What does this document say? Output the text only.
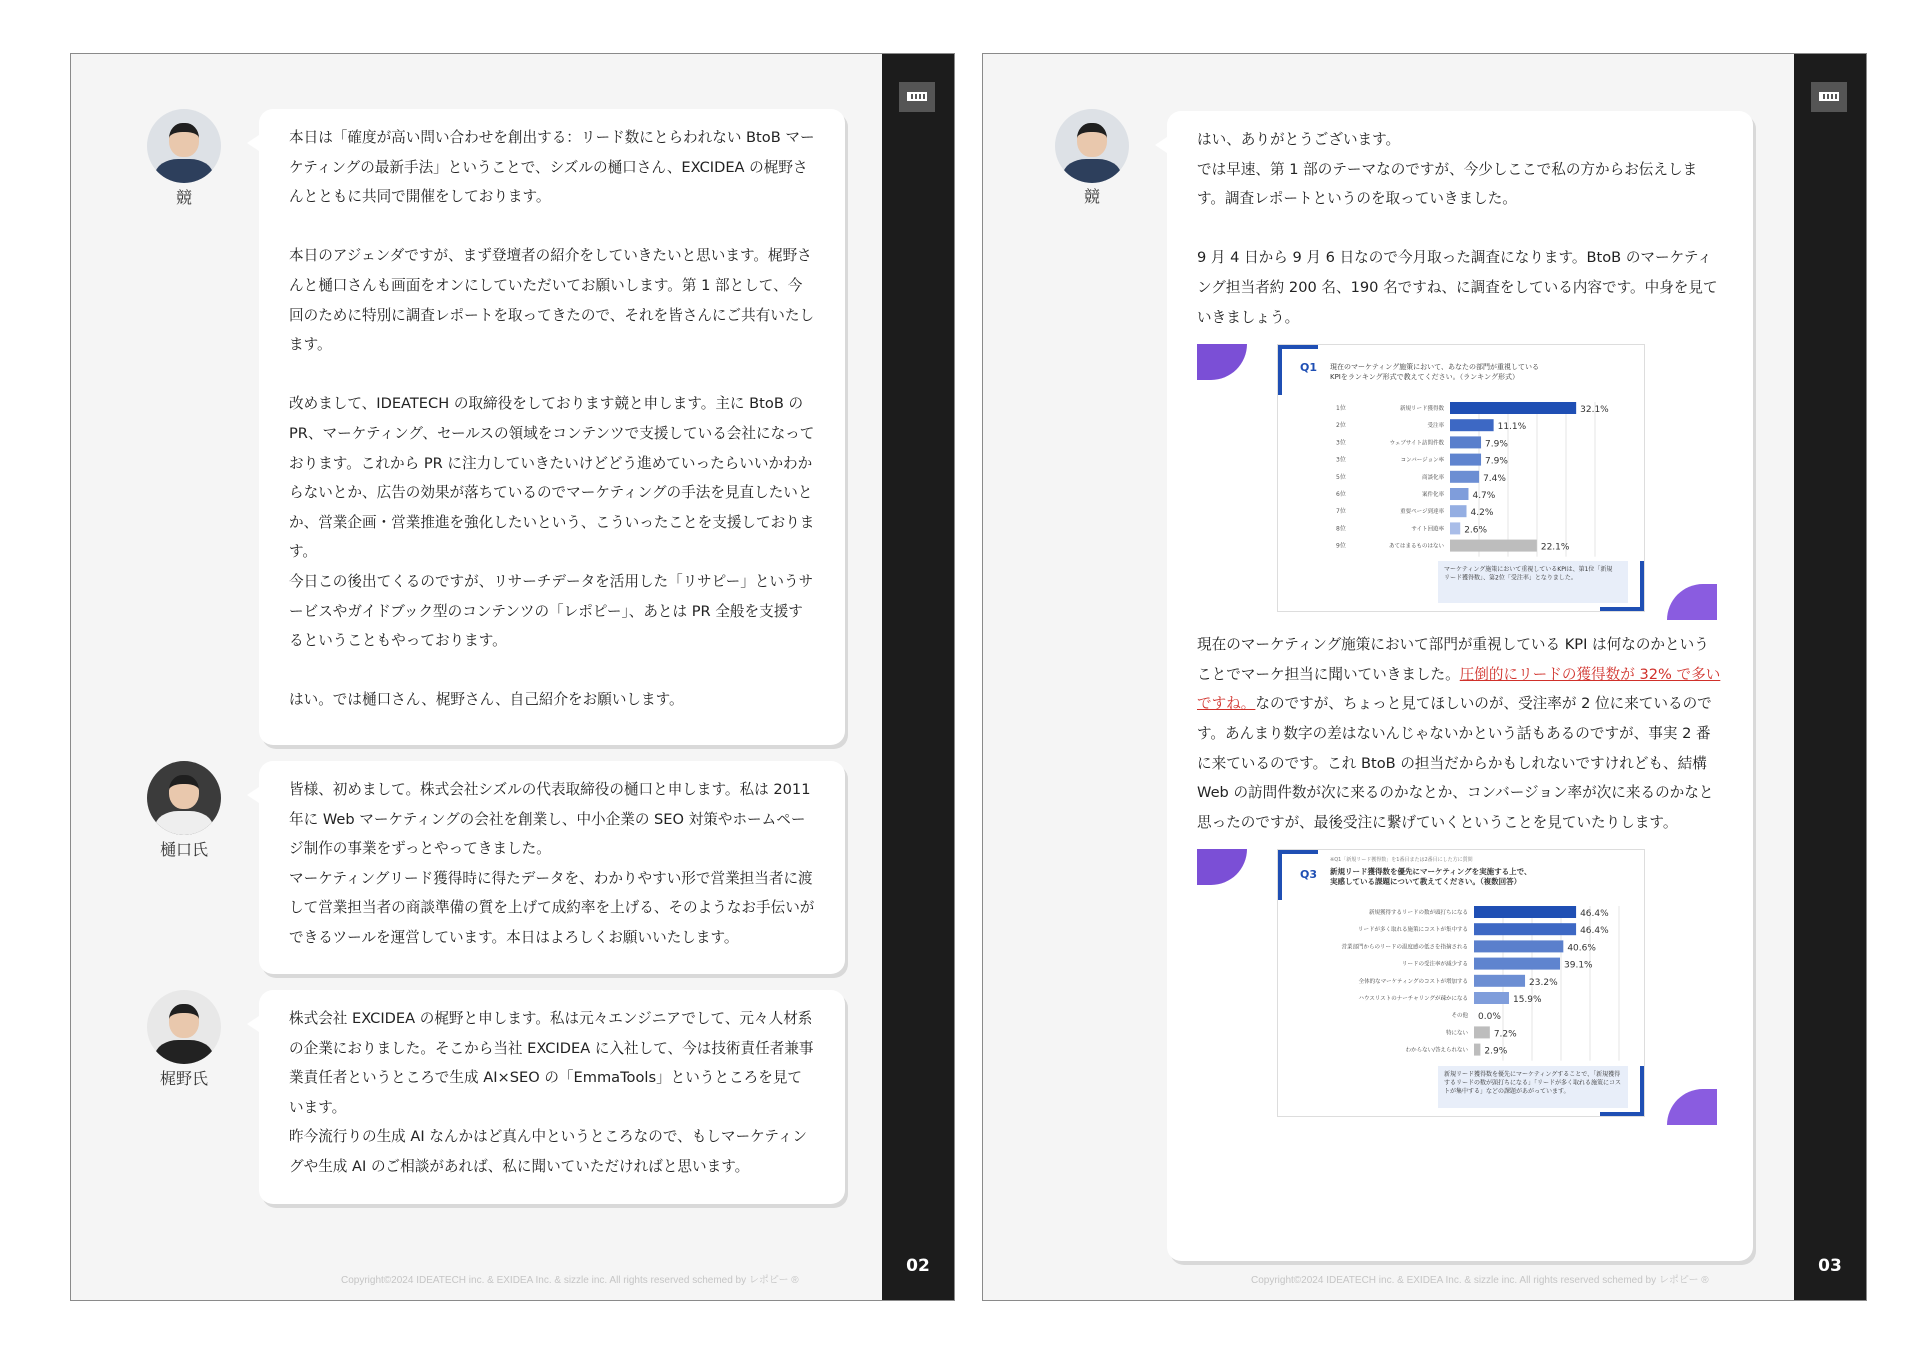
02
Copyright©2024 IDEATECH inc. & EXIDEA Inc. & sizzle inc. All rights reserved schemed by レポピー ®
競

本日は「確度が高い問い合わせを創出する：リード数にとらわれない BtoB マーケティングの最新手法」ということで、シズルの樋口さん、EXCIDEA の梶野さんとともに共同で開催をしております。

本日のアジェンダですが、まず登壇者の紹介をしていきたいと思います。梶野さんと樋口さんも画面をオンにしていただいてお願いします。第 1 部として、今回のために特別に調査レポートを取ってきたので、それを皆さんにご共有いたします。

改めまして、IDEATECH の取締役をしております競と申します。主に BtoB の PR、マーケティング、セールスの領域をコンテンツで支援している会社になっております。これから PR に注力していきたいけどどう進めていったらいいかわからないとか、広告の効果が落ちているのでマーケティングの手法を見直したいとか、営業企画・営業推進を強化したいという、こういったことを支援しております。

今日この後出てくるのですが、リサーチデータを活用した「リサピー」というサービスやガイドブック型のコンテンツの「レポピー」、あとは PR 全般を支援するということもやっております。

はい。では樋口さん、梶野さん、自己紹介をお願いします。

樋口氏

皆様、初めまして。株式会社シズルの代表取締役の樋口と申します。私は 2011 年に Web マーケティングの会社を創業し、中小企業の SEO 対策やホームページ制作の事業をずっとやってきました。

マーケティングリード獲得時に得たデータを、わかりやすい形で営業担当者に渡して営業担当者の商談準備の質を上げて成約率を上げる、そのようなお手伝いができるツールを運営しています。本日はよろしくお願いいたします。

梶野氏

株式会社 EXCIDEA の梶野と申します。私は元々エンジニアでして、元々人材系の企業におりました。そこから当社 EXCIDEA に入社して、今は技術責任者兼事業責任者というところで生成 AI×SEO の「EmmaTools」というところを見ています。

昨今流行りの生成 AI なんかはど真ん中というところなので、もしマーケティングや生成 AI のご相談があれば、私に聞いていただければと思います。

03
Copyright©2024 IDEATECH inc. & EXIDEA Inc. & sizzle inc. All rights reserved schemed by レポピー ®
競

はい、ありがとうございます。

では早速、第 1 部のテーマなのですが、今少しここで私の方からお伝えします。調査レポートというのを取っていきました。

9 月 4 日から 9 月 6 日なので今月取った調査になります。BtoB のマーケティング担当者約 200 名、190 名ですね、に調査をしている内容です。中身を見ていきましょう。

Q1 現在のマーケティング施策において、あなたの部門が重視している
KPIをランキング形式で教えてください。（ランキング形式）
1位	新規リード獲得数	32.1%
2位	受注率	11.1%
3位	ウェブサイト訪問件数	7.9%
3位	コンバージョン率	7.9%
5位	商談化率	7.4%
6位	案件化率	4.7%
7位	重要ページ到達率	4.2%
8位	サイト回遊率 2.6%
9位	あてはまるものはない	22.1%
マーケティング施策において重視しているKPIは、第1位「新規
リード獲得数」、第2位「受注率」となりました。

現在のマーケティング施策において部門が重視している KPI は何なのかということでマーケ担当に聞いていきました。圧倒的にリードの獲得数が 32% で多いですね。なのですが、ちょっと見てほしいのが、受注率が 2 位に来ているのです。あんまり数字の差はないんじゃないかという話もあるのですが、事実 2 番に来ているのです。これ BtoB の担当だからかもしれないですけれども、結構 Web の訪問件数が次に来るのかなとか、コンバージョン率が次に来るのかなと思ったのですが、最後受注に繋げていくということを見ていたりします。

Q3
※Q1「新規リード獲得数」を1番目または2番目にした方に質問
新規リード獲得数を優先にマーケティングを実施する上で、
実感している課題について教えてください。（複数回答）
新規獲得するリードの数が頭打ちになる	46.4%
リードが多く取れる施策にコストが集中する	46.4%
営業部門からのリードの温度感の低さを指摘される	40.6%
リードの受注率が減少する	39.1%
全体的なマーケティングのコストが増加する	23.2%
ハウスリストのナーチャリングが疎かになる	15.9%
その他 0.0%
特にない	7.2%
わからない/答えられない 2.9%
新規リード獲得数を優先にマーケティングすることで、「新規獲得
するリードの数が頭打ちになる」「リードが多く取れる施策にコス
トが集中する」などの課題があがっています。
